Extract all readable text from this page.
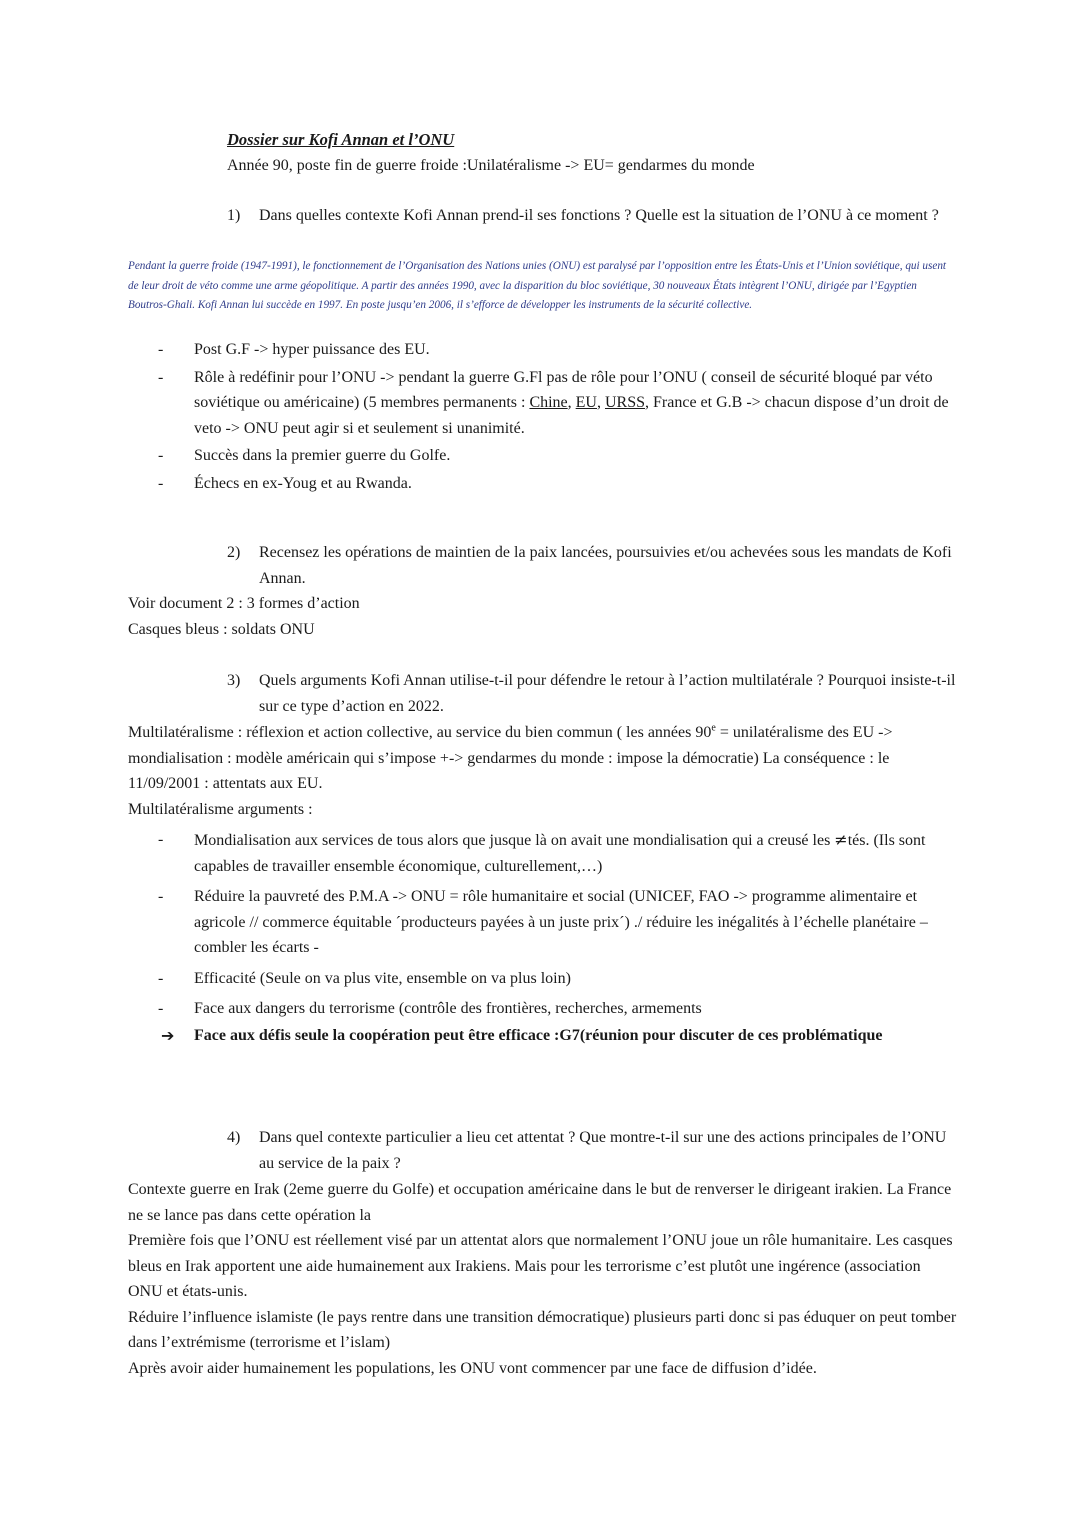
Dossier sur Kofi Annan et l’ONU

Année 90, poste fin de guerre froide :Unilatéralisme -> EU= gendarmes du monde

1)	Dans quelles contexte Kofi Annan prend-il ses fonctions ? Quelle est la situation de l’ONU à ce moment ?
Pendant la guerre froide (1947-1991), le fonctionnement de l’Organisation des Nations unies (ONU) est paralysé par l’opposition entre les États-Unis et l’Union soviétique, qui usent de leur droit de véto comme une arme géopolitique. A partir des années 1990, avec la disparition du bloc soviétique, 30 nouveaux États intègrent l’ONU, dirigée par l’Egyptien Boutros-Ghali. Kofi Annan lui succède en 1997. En poste jusqu’en 2006, il s’efforce de développer les instruments de la sécurité collective.
- Post G.F -> hyper puissance des EU.
- Rôle à redéfinir pour l’ONU -> pendant la guerre G.Fl pas de rôle pour l’ONU ( conseil de sécurité bloqué par véto soviétique ou américaine) (5 membres permanents : Chine, EU, URSS, France et G.B -> chacun dispose d’un droit de veto -> ONU peut agir si et seulement si unanimité.
- Succès dans la premier guerre du Golfe.
- Échecs en ex-Youg et au Rwanda.
2)	Recensez les opérations de maintien de la paix lancées, poursuivies et/ou achevées sous les mandats de Kofi Annan.

Voir document 2 : 3 formes d’action

Casques bleus : soldats ONU

3)	Quels arguments Kofi Annan utilise-t-il pour défendre le retour à l’action multilatérale ? Pourquoi insiste-t-il sur ce type d’action en 2022.

Multilatéralisme : réflexion et action collective, au service du bien commun ( les années $90^e$ = unilatéralisme des EU -> mondialisation : modèle américain qui s’impose +-> gendarmes du monde : impose la démocratie) La conséquence : le 11/09/2001 : attentats aux EU.

Multilatéralisme arguments :

- Mondialisation aux services de tous alors que jusque là on avait une mondialisation qui a creusé les ≠tés. (Ils sont capables de travailler ensemble économique, culturellement,…)
- Réduire la pauvreté des P.M.A -> ONU = rôle humanitaire et social (UNICEF, FAO -> programme alimentaire et agricole // commerce équitable ´producteurs payées à un juste prix´) ./ réduire les inégalités à l’échelle planétaire – combler les écarts -
- Efficacité (Seule on va plus vite, ensemble on va plus loin)
- Face aux dangers du terrorisme (contrôle des frontières, recherches, armements
➔ Face aux défis seule la coopération peut être efficace :G7(réunion pour discuter de ces problématique
4)	Dans quel contexte particulier a lieu cet attentat ? Que montre-t-il sur une des actions principales de l’ONU au service de la paix ?

Contexte guerre en Irak (2eme guerre du Golfe) et occupation américaine dans le but de renverser le dirigeant irakien. La France ne se lance pas dans cette opération la

Première fois que l’ONU est réellement visé par un attentat alors que normalement l’ONU joue un rôle humanitaire. Les casques bleus en Irak apportent une aide humainement aux Irakiens. Mais pour les terrorisme c’est plutôt une ingérence (association ONU et états-unis.

Réduire l’influence islamiste (le pays rentre dans une transition démocratique) plusieurs parti donc si pas éduquer on peut tomber dans l’extrémisme (terrorisme et l’islam)

Après avoir aider humainement les populations, les ONU vont commencer par une face de diffusion d’idée.
